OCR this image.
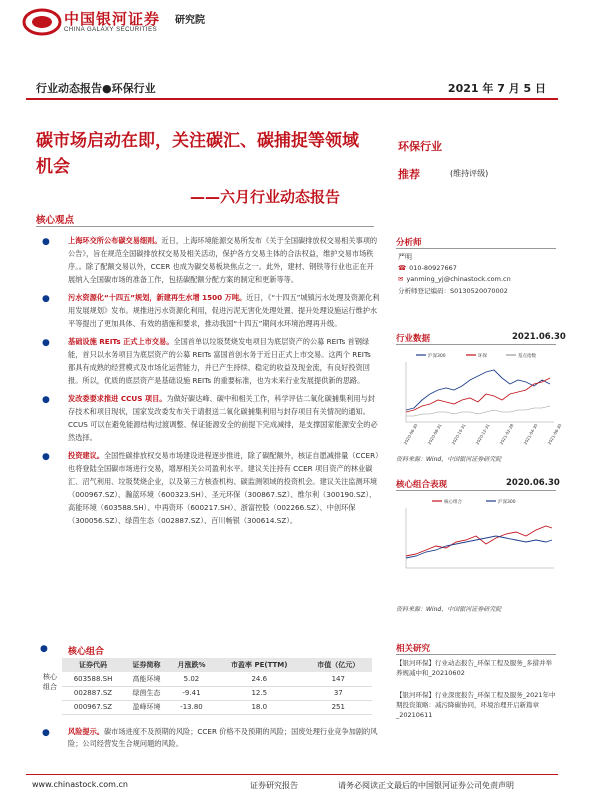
中国银河证券
CHINA GALAXY SECURITIES
研究院
行业动态报告●环保行业	2021 年 7 月 5 日
碳市场启动在即，关注碳汇、碳捕捉等领域机会
——六月行业动态报告
环保行业
推荐	(维持评级)
核心观点
●	上海环交所公布碳交易细则。近日，上海环境能源交易所发布《关于全国碳排放权交易相关事项的公告》，旨在规范全国碳排放权交易及相关活动，保护各方交易主体的合法权益，维护交易市场秩序。。除了配额交易以外，CCER 也成为碳交易板块焦点之一。此外，建材、钢铁等行业也正在开展纳入全国碳市场的准备工作，包括碳配额分配方案的制定和更新等等。
●	污水资源化“十四五”规划，新建再生水增 1500 万吨。近日，《“十四五”城镇污水处理及资源化利用发展规划》发布。规推进污水资源化利用，促进污泥无害化处理处置、提升处理设施运行维护水平等提出了更加具体、有效的措施和要求，推动我国“十四五”期间水环境治理再升级。
●	基础设施 REITs 正式上市交易。全国首单以垃圾焚烧发电项目为底层资产的公募 REITs 首钢绿能，首只以水务项目为底层资产的公募 REITs 富国首创水务于近日正式上市交易。这两个 REITs 都具有成熟的经营模式及市场化运营能力，并已产生持续、稳定的收益及现金流，有良好投资回报。所以，优质的底层资产是基础设施 REITs 的重要标准，也为未来行业发展提供新的思路。
●	发改委要求推进 CCUS 项目。为做好碳达峰、碳中和相关工作，科学评估二氧化碳捕集利用与封存技术和项目现状，国家发改委发布关于请报送二氧化碳捕集利用与封存项目有关情况的通知。CCUS 可以在避免能源结构过渡调整、保证能源安全的前提下完成减排，是支撑国家能源安全的必然选择。
●	投资建议。全国性碳排放权交易市场建设进程逐步推进，除了碳配额外，核证自愿减排量（CCER）也将登陆全国碳市场进行交易，增厚相关公司盈利水平。建议关注持有 CCER 项目资产的林业碳汇、沼气利用、垃圾焚烧企业，以及第三方核查机构、碳监测领域的投资机会。建议关注监测环境（000967.SZ）、瀚蓝环境（600323.SH）、圣元环保（300867.SZ）、维尔利（300190.SZ）、高能环境（603588.SH）、中再资环（600217.SH）、浙富控股（002266.SZ）、中创环保（300056.SZ）、绿茵生态（002887.SZ）、百川畅银（300614.SZ）。
● 核心组合
核心组合
证券代码	证券简称	月涨跌%	市盈率 PE(TTM)	市值（亿元）
603588.SH	高能环境	5.02	24.6	147
002887.SZ	绿茵生态	-9.41	12.5	37
000967.SZ	盈峰环境	-13.80	18.0	251
●	风险提示。碳市场进度不及预期的风险；CCER 价格不及预期的风险；国废处理行业竞争加剧的风险；公司经营发生合规问题的风险。
分析师
严明
☎ 010-80927667
✉ yanming_yj@chinastock.com.cn
分析师登记编码：S0130520070002
行业数据	2021.06.30
沪深300	环保	基点指数
2020-06-30 2020-08-31 2020-10-31 2020-12-31 2021-02-28 2021-04-30 2021-06-30
资料来源：Wind，中国银河证券研究院
核心组合表现	2020.06.30
核心组合	沪深300
资料来源：Wind，中国银河证券研究院
相关研究
【银河环保】行业动态报告_环保工程及服务_多措并举养规减中和_20210602
【银河环保】行业深度报告_环保工程及服务_2021年中期投资策略：减污降碳协同，环境治理开启新篇章_20210611
www.chinastock.com.cn	证券研究报告	请务必阅读正文最后的中国银河证券公司免责声明
